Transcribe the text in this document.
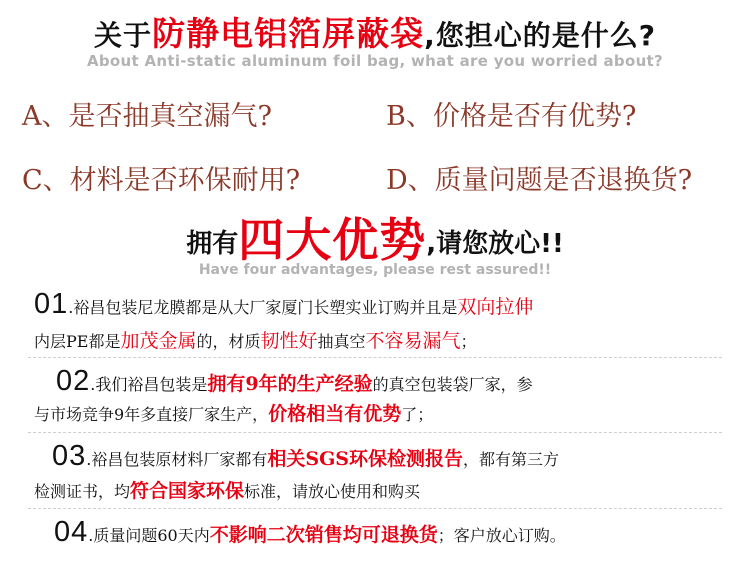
关于防静电铝箔屏蔽袋,您担心的是什么?
About Anti-static aluminum foil bag, what are you worried about?
A、是否抽真空漏气?	B、价格是否有优势?
C、材料是否环保耐用?	D、质量问题是否退换货?
拥有四大优势,请您放心!!
Have four advantages, please rest assured!!
01.裕昌包装尼龙膜都是从大厂家厦门长塑实业订购并且是双向拉伸
内层PE都是加茂金属的，材质韧性好抽真空不容易漏气；
02.我们裕昌包装是拥有9年的生产经验的真空包装袋厂家，参
与市场竞争9年多直接厂家生产，价格相当有优势了；
03.裕昌包装原材料厂家都有相关SGS环保检测报告，都有第三方
检测证书，均符合国家环保标准，请放心使用和购买
04.质量问题60天内不影响二次销售均可退换货；客户放心订购。
